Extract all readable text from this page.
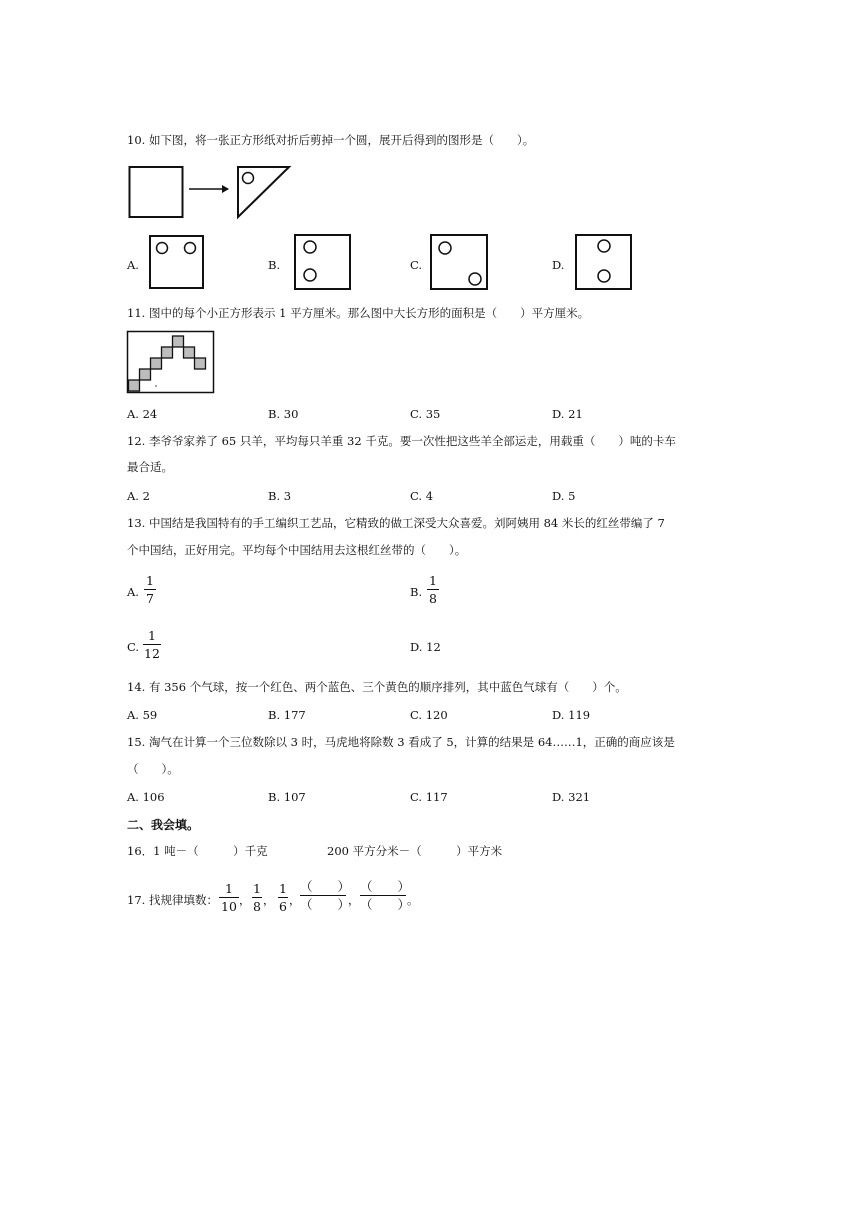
10. 如下图，将一张正方形纸对折后剪掉一个圆，展开后得到的图形是（　　）。
A.	B.	C.	D.
11. 图中的每个小正方形表示 1 平方厘米。那么图中大长方形的面积是（　　）平方厘米。
A. 24	B. 30	C. 35	D. 21
12. 李爷爷家养了 65 只羊，平均每只羊重 32 千克。要一次性把这些羊全部运走，用载重（　　）吨的卡车
最合适。
A. 2	B. 3	C. 4	D. 5
13. 中国结是我国特有的手工编织工艺品，它精致的做工深受大众喜爱。刘阿姨用 84 米长的红丝带编了 7
个中国结，正好用完。平均每个中国结用去这根红丝带的（　　）。
A.
1
7	B.
1
8
C.
1
12	D. 12
14. 有 356 个气球，按一个红色、两个蓝色、三个黄色的顺序排列，其中蓝色气球有（　　）个。
A. 59	B. 177	C. 120	D. 119
15. 淘气在计算一个三位数除以 3 时，马虎地将除数 3 看成了 5，计算的结果是 64……1，正确的商应该是
（　　）。
A. 106	B. 107	C. 117	D. 321
二、我会填。
16．1 吨－（　　　）千克	200 平方分米－（　　　）平方米
17. 找规律填数：
1
10 ，
1
8 ，
1
6 ，
（　　）
（　　）
，
（　　）
（　　）
。
